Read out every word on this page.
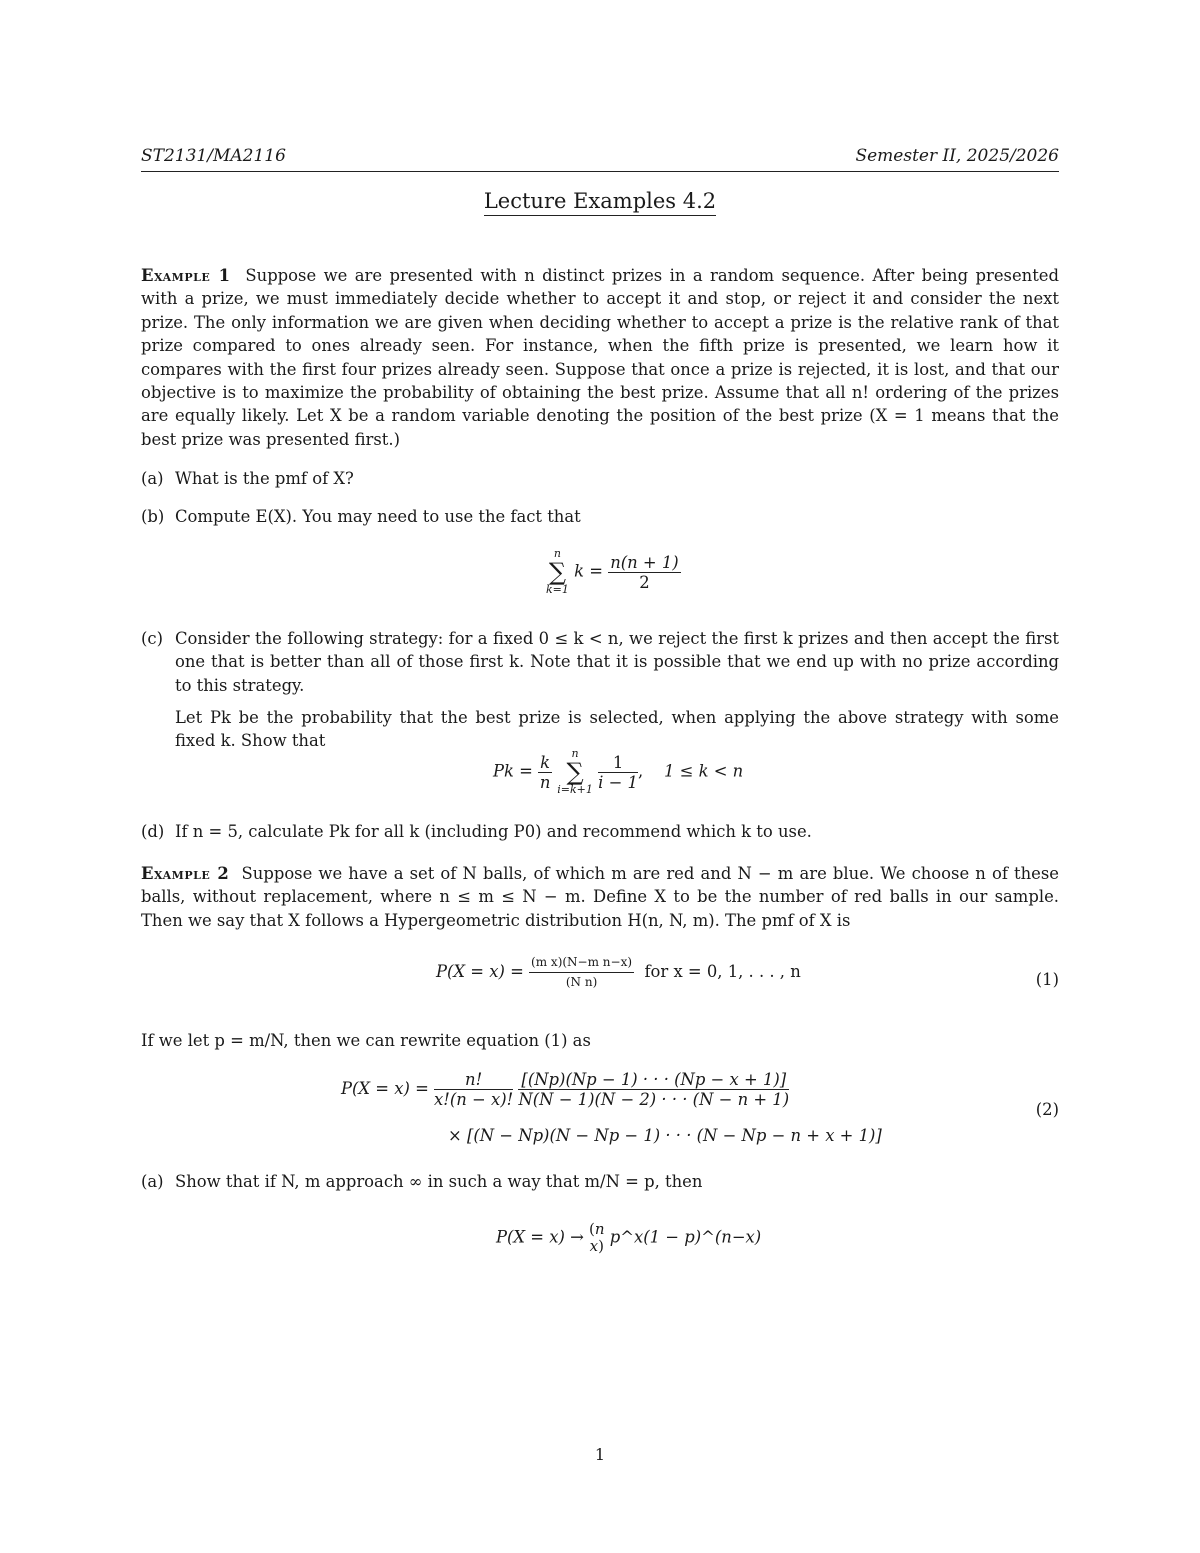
ST2131/MA2116	Semester II, 2025/2026
Lecture Examples 4.2
Example 1 Suppose we are presented with n distinct prizes in a random sequence. After being presented with a prize, we must immediately decide whether to accept it and stop, or reject it and consider the next prize. The only information we are given when deciding whether to accept a prize is the relative rank of that prize compared to ones already seen. For instance, when the fifth prize is presented, we learn how it compares with the first four prizes already seen. Suppose that once a prize is rejected, it is lost, and that our objective is to maximize the probability of obtaining the best prize. Assume that all n! ordering of the prizes are equally likely. Let X be a random variable denoting the position of the best prize (X = 1 means that the best prize was presented first.)
(a) What is the pmf of X?
(b) Compute E(X). You may need to use the fact that
n
∑
k=1
$k = \frac{n(n + 1)}{2}$
(c) Consider the following strategy: for a fixed 0 ≤ k < n, we reject the first k prizes and then accept the first one that is better than all of those first k. Note that it is possible that we end up with no prize according to this strategy.
Let Pk be the probability that the best prize is selected, when applying the above strategy with some fixed k. Show that
$Pk = \frac{k}{n}$	n
∑
i=k+1
$\frac{1}{i - 1}$,    1 ≤ k < n
(d) If n = 5, calculate Pk for all k (including P0) and recommend which k to use.
Example 2 Suppose we have a set of N balls, of which m are red and N − m are blue. We choose n of these balls, without replacement, where n ≤ m ≤ N − m. Define X to be the number of red balls in our sample. Then we say that X follows a Hypergeometric distribution H(n, N, m). The pmf of X is
$P(X = x) = \frac{\text{(m x)(N−m n−x)}}{\text{(N n)}}$ for x = 0, 1, . . . , n	(1)
If we let p = m/N, then we can rewrite equation (1) as
$P(X = x) = \frac{n!}{x!(n - x)!} \frac{[(Np)(Np - 1) \cdot \cdot \cdot (Np - x + 1)]}{N(N - 1)(N - 2) \cdot \cdot \cdot (N - n + 1)}$
× [(N − Np)(N − Np − 1) · · · (N − Np − n + x + 1)]
(2)
(a) Show that if N, m approach ∞ in such a way that m/N = p, then
P(X = x) → (n
x) p^x(1 − p)^(n−x)
1
